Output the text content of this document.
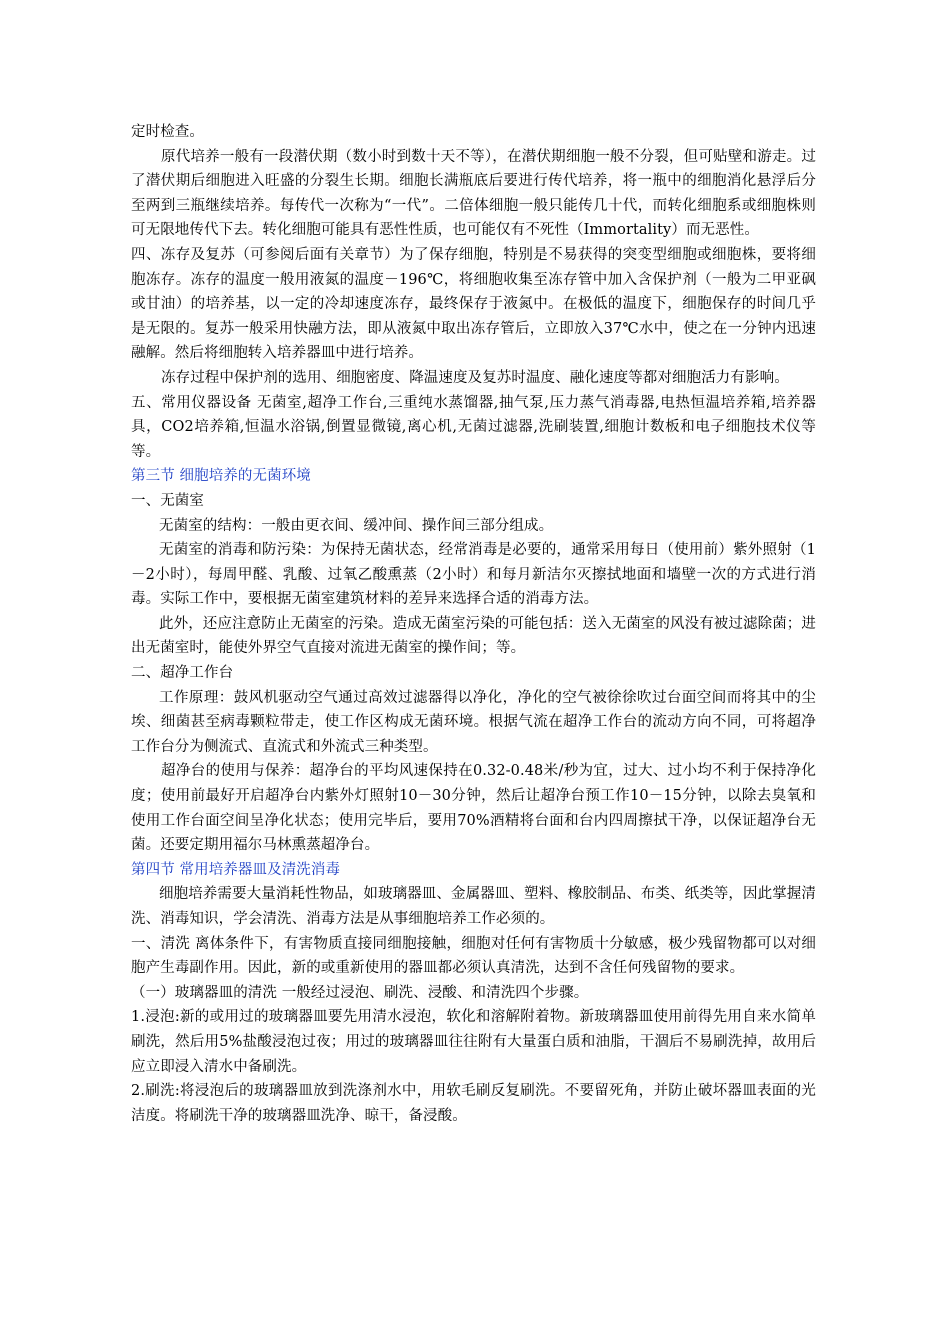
定时检查。

原代培养一般有一段潜伏期（数小时到数十天不等），在潜伏期细胞一般不分裂，但可贴壁和游走。过了潜伏期后细胞进入旺盛的分裂生长期。细胞长满瓶底后要进行传代培养，将一瓶中的细胞消化悬浮后分至两到三瓶继续培养。每传代一次称为“一代”。二倍体细胞一般只能传几十代，而转化细胞系或细胞株则可无限地传代下去。转化细胞可能具有恶性性质，也可能仅有不死性（Immortality）而无恶性。

四、冻存及复苏（可参阅后面有关章节）为了保存细胞，特别是不易获得的突变型细胞或细胞株，要将细胞冻存。冻存的温度一般用液氮的温度－196℃，将细胞收集至冻存管中加入含保护剂（一般为二甲亚砜或甘油）的培养基，以一定的冷却速度冻存，最终保存于液氮中。在极低的温度下，细胞保存的时间几乎是无限的。复苏一般采用快融方法，即从液氮中取出冻存管后，立即放入37℃水中，使之在一分钟内迅速融解。然后将细胞转入培养器皿中进行培养。

冻存过程中保护剂的选用、细胞密度、降温速度及复苏时温度、融化速度等都对细胞活力有影响。

五、常用仪器设备 无菌室,超净工作台,三重纯水蒸馏器,抽气泵,压力蒸气消毒器,电热恒温培养箱,培养器具，CO2培养箱,恒温水浴锅,倒置显微镜,离心机,无菌过滤器,洗刷装置,细胞计数板和电子细胞技术仪等等。

第三节 细胞培养的无菌环境

一、无菌室

无菌室的结构：一般由更衣间、缓冲间、操作间三部分组成。

无菌室的消毒和防污染：为保持无菌状态，经常消毒是必要的，通常采用每日（使用前）紫外照射（1－2小时），每周甲醛、乳酸、过氧乙酸熏蒸（2小时）和每月新洁尔灭擦拭地面和墙壁一次的方式进行消毒。实际工作中，要根据无菌室建筑材料的差异来选择合适的消毒方法。

此外，还应注意防止无菌室的污染。造成无菌室污染的可能包括：送入无菌室的风没有被过滤除菌；进出无菌室时，能使外界空气直接对流进无菌室的操作间；等。

二、超净工作台

工作原理：鼓风机驱动空气通过高效过滤器得以净化，净化的空气被徐徐吹过台面空间而将其中的尘埃、细菌甚至病毒颗粒带走，使工作区构成无菌环境。根据气流在超净工作台的流动方向不同，可将超净工作台分为侧流式、直流式和外流式三种类型。

超净台的使用与保养：超净台的平均风速保持在0.32-0.48米/秒为宜，过大、过小均不利于保持净化度；使用前最好开启超净台内紫外灯照射10－30分钟，然后让超净台预工作10－15分钟，以除去臭氧和使用工作台面空间呈净化状态；使用完毕后，要用70%酒精将台面和台内四周擦拭干净，以保证超净台无菌。还要定期用福尔马林熏蒸超净台。

第四节 常用培养器皿及清洗消毒

细胞培养需要大量消耗性物品，如玻璃器皿、金属器皿、塑料、橡胶制品、布类、纸类等，因此掌握清洗、消毒知识，学会清洗、消毒方法是从事细胞培养工作必须的。

一、清洗 离体条件下，有害物质直接同细胞接触，细胞对任何有害物质十分敏感，极少残留物都可以对细胞产生毒副作用。因此，新的或重新使用的器皿都必须认真清洗，达到不含任何残留物的要求。

（一）玻璃器皿的清洗 一般经过浸泡、刷洗、浸酸、和清洗四个步骤。

1.浸泡:新的或用过的玻璃器皿要先用清水浸泡，软化和溶解附着物。新玻璃器皿使用前得先用自来水简单刷洗，然后用5%盐酸浸泡过夜；用过的玻璃器皿往往附有大量蛋白质和油脂，干涸后不易刷洗掉，故用后应立即浸入清水中备刷洗。

2.刷洗:将浸泡后的玻璃器皿放到洗涤剂水中，用软毛刷反复刷洗。不要留死角，并防止破坏器皿表面的光洁度。将刷洗干净的玻璃器皿洗净、晾干，备浸酸。
